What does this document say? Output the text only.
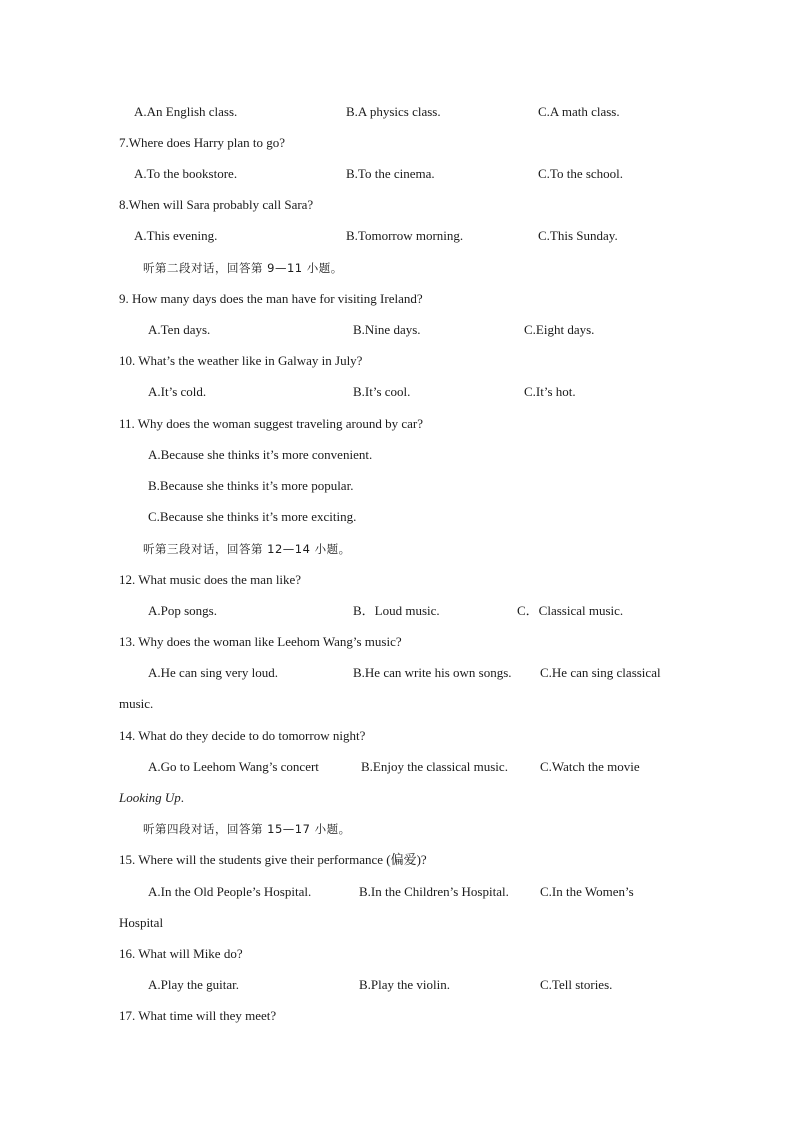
A.An English class.	B.A physics class.	C.A math class.
7.Where does Harry plan to go?
A.To the bookstore.	B.To the cinema.	C.To the school.
8.When will Sara probably call Sara?
A.This evening.	B.Tomorrow morning.	C.This Sunday.
听第二段对话，回答第 9—11 小题。
9. How many days does the man have for visiting Ireland?
A.Ten days.	B.Nine days.	C.Eight days.
10. What’s the weather like in Galway in July?
A.It’s cold.	B.It’s cool.	C.It’s hot.
11. Why does the woman suggest traveling around by car?
A.Because she thinks it’s more convenient.
B.Because she thinks it’s more popular.
C.Because she thinks it’s more exciting.
听第三段对话，回答第 12—14 小题。
12. What music does the man like?
A.Pop songs.	B．Loud music.	C．Classical music.
13. Why does the woman like Leehom Wang’s music?
A.He can sing very loud.	B.He can write his own songs. C.He can sing classical
music.
14. What do they decide to do tomorrow night?
A.Go to Leehom Wang’s concert	B.Enjoy the classical music. C.Watch the movie
Looking Up.
听第四段对话，回答第 15—17 小题。
15. Where will the students give their performance (偏爱)?
A.In the Old People’s Hospital.	B.In the Children’s Hospital. C.In the Women’s
Hospital
16. What will Mike do?
A.Play the guitar.	B.Play the violin.	C.Tell stories.
17. What time will they meet?
